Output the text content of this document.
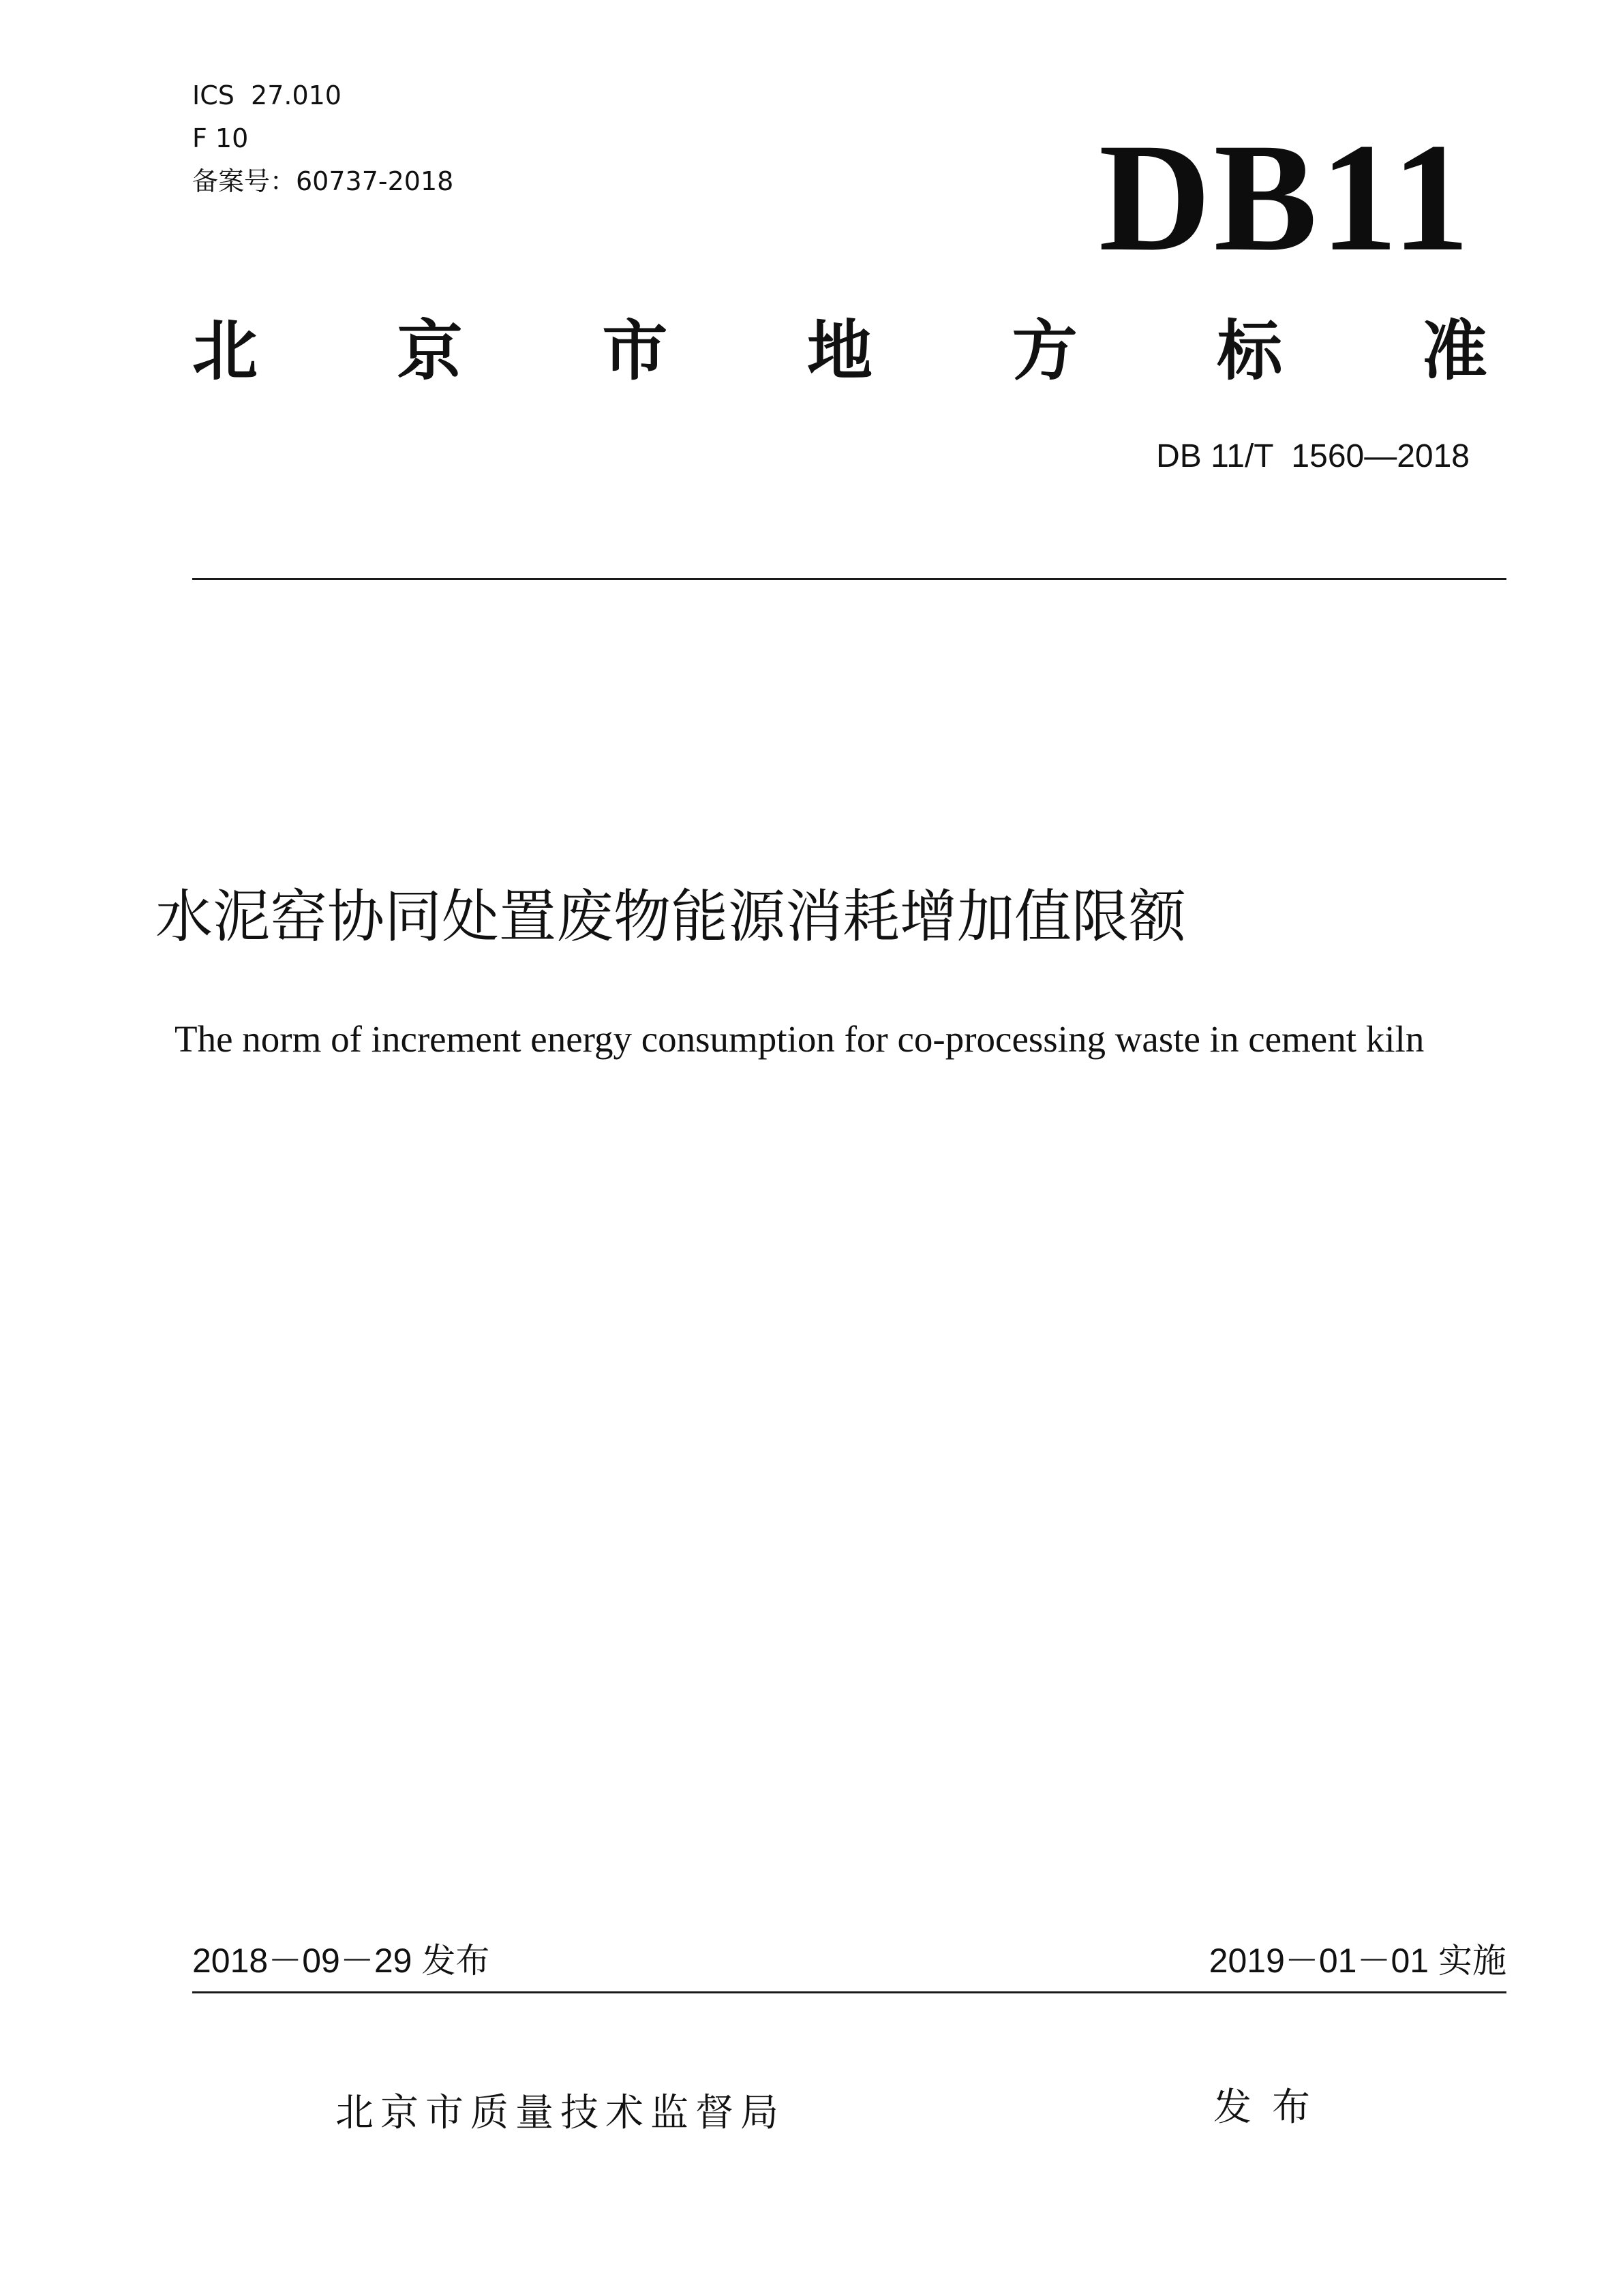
ICS  27.010
F 10
备案号：60737-2018	DB11
北 京 市 地 方 标 准
DB 11/T  1560—2018
水泥窑协同处置废物能源消耗增加值限额
The norm of increment energy consumption for co-processing waste in cement kiln
2018－09－29 发布	2019－01－01 实施
北京市质量技术监督局	发布
